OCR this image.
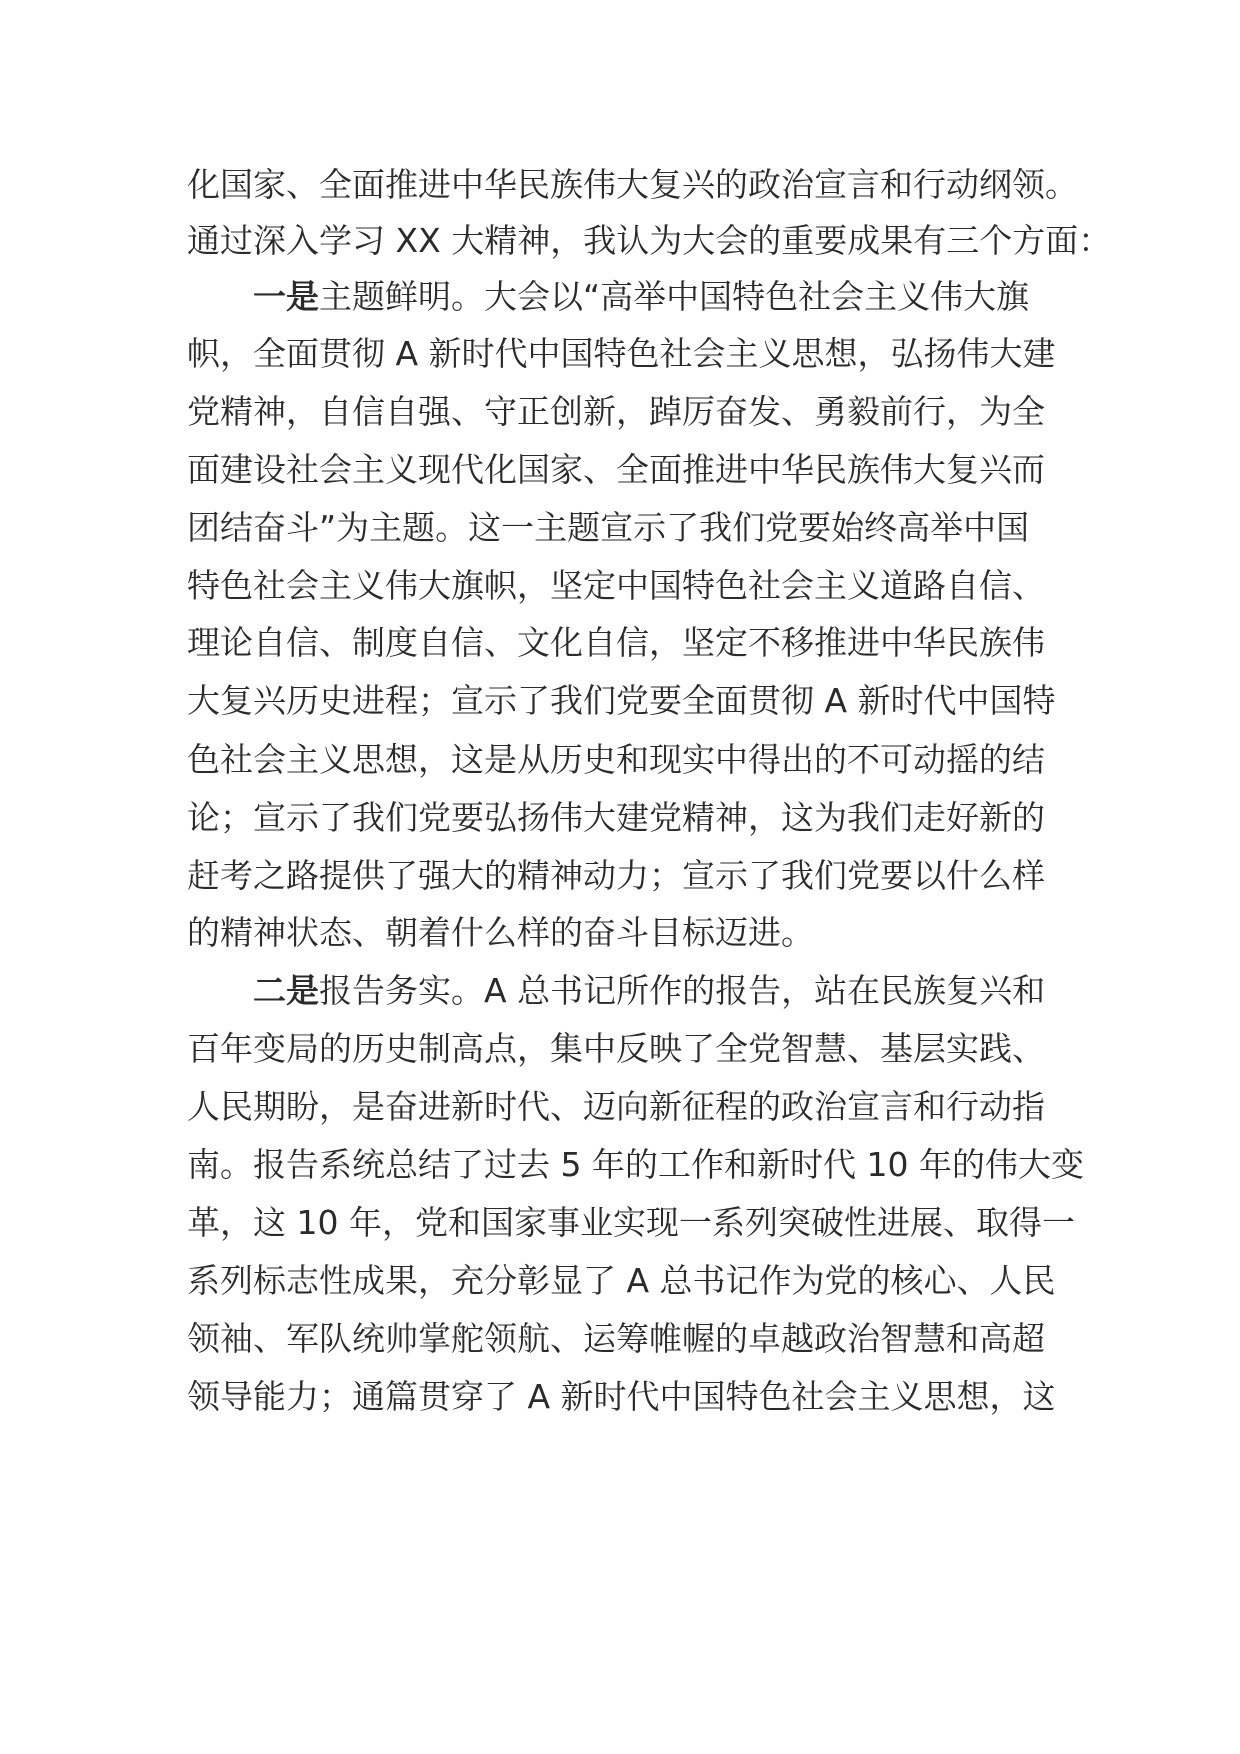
化国家、全面推进中华民族伟大复兴的政治宣言和行动纲领。
通过深入学习 XX 大精神，我认为大会的重要成果有三个方面：
一是主题鲜明。大会以“高举中国特色社会主义伟大旗
帜，全面贯彻 A 新时代中国特色社会主义思想，弘扬伟大建
党精神，自信自强、守正创新，踔厉奋发、勇毅前行，为全
面建设社会主义现代化国家、全面推进中华民族伟大复兴而
团结奋斗”为主题。这一主题宣示了我们党要始终高举中国
特色社会主义伟大旗帜，坚定中国特色社会主义道路自信、
理论自信、制度自信、文化自信，坚定不移推进中华民族伟
大复兴历史进程；宣示了我们党要全面贯彻 A 新时代中国特
色社会主义思想，这是从历史和现实中得出的不可动摇的结
论；宣示了我们党要弘扬伟大建党精神，这为我们走好新的
赶考之路提供了强大的精神动力；宣示了我们党要以什么样
的精神状态、朝着什么样的奋斗目标迈进。
二是报告务实。A 总书记所作的报告，站在民族复兴和
百年变局的历史制高点，集中反映了全党智慧、基层实践、
人民期盼，是奋进新时代、迈向新征程的政治宣言和行动指
南。报告系统总结了过去 5 年的工作和新时代 10 年的伟大变
革，这 10 年，党和国家事业实现一系列突破性进展、取得一
系列标志性成果，充分彰显了 A 总书记作为党的核心、人民
领袖、军队统帅掌舵领航、运筹帷幄的卓越政治智慧和高超
领导能力；通篇贯穿了 A 新时代中国特色社会主义思想，这
